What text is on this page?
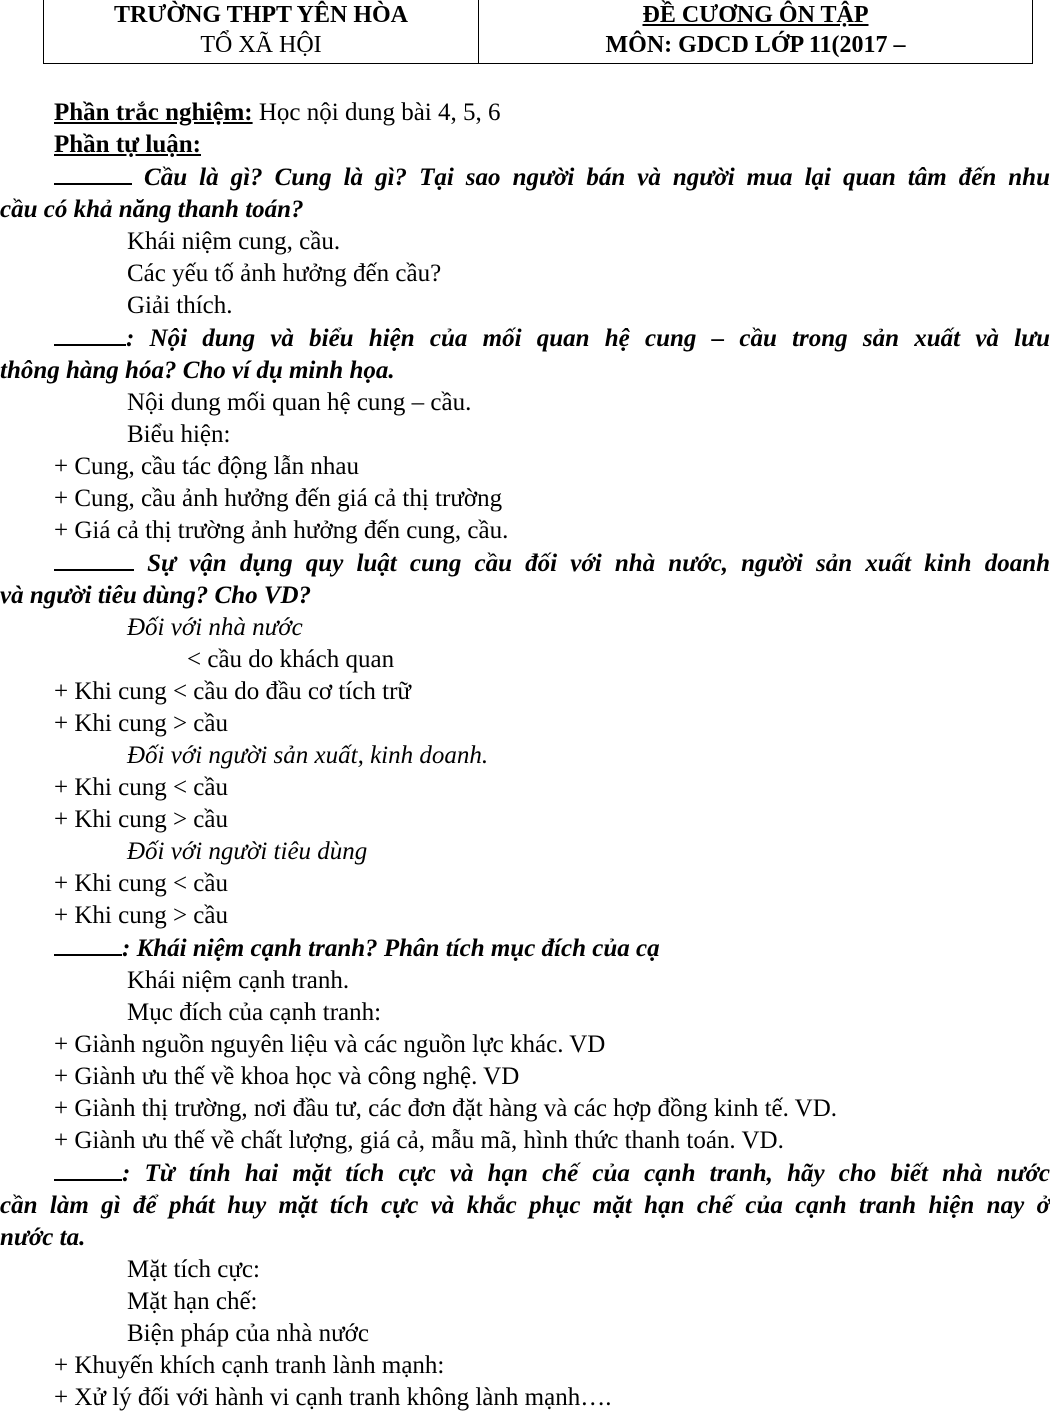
TRƯỜNG THPT YÊN HÒA
TỔ XÃ HỘI
ĐỀ CƯƠNG ÔN TẬP
MÔN: GDCD LỚP 11(2017 –
Phần trắc nghiệm: Học nội dung bài 4, 5, 6
Phần tự luận:
Cầu là gì? Cung là gì? Tại sao người bán và người mua lại quan tâm đến nhu
cầu có khả năng thanh toán?
Khái niệm cung, cầu.
Các yếu tố ảnh hưởng đến cầu?
Giải thích.
: Nội dung và biểu hiện của mối quan hệ cung – cầu trong sản xuất và lưu
thông hàng hóa? Cho ví dụ minh họa.
Nội dung mối quan hệ cung – cầu.
Biểu hiện:
+ Cung, cầu tác động lẫn nhau
+ Cung, cầu ảnh hưởng đến giá cả thị trường
+ Giá cả thị trường ảnh hưởng đến cung, cầu.
Sự vận dụng quy luật cung cầu đối với nhà nước, người sản xuất kinh doanh
và người tiêu dùng? Cho VD?
Đối với nhà nước
< cầu do khách quan
+ Khi cung < cầu do đầu cơ tích trữ
+ Khi cung > cầu
Đối với người sản xuất, kinh doanh.
+ Khi cung < cầu
+ Khi cung > cầu
Đối với người tiêu dùng
+ Khi cung < cầu
+ Khi cung > cầu
: Khái niệm cạnh tranh? Phân tích mục đích của cạ
Khái niệm cạnh tranh.
Mục đích của cạnh tranh:
+ Giành nguồn nguyên liệu và các nguồn lực khác. VD
+ Giành ưu thế về khoa học và công nghệ. VD
+ Giành thị trường, nơi đầu tư, các đơn đặt hàng và các hợp đồng kinh tế. VD.
+ Giành ưu thế về chất lượng, giá cả, mẫu mã, hình thức thanh toán. VD.
: Từ tính hai mặt tích cực và hạn chế của cạnh tranh, hãy cho biết nhà nước
cần làm gì để phát huy mặt tích cực và khắc phục mặt hạn chế của cạnh tranh hiện nay ở
nước ta.
Mặt tích cực:
Mặt hạn chế:
Biện pháp của nhà nước
+ Khuyến khích cạnh tranh lành mạnh:
+ Xử lý đối với hành vi cạnh tranh không lành mạnh….
